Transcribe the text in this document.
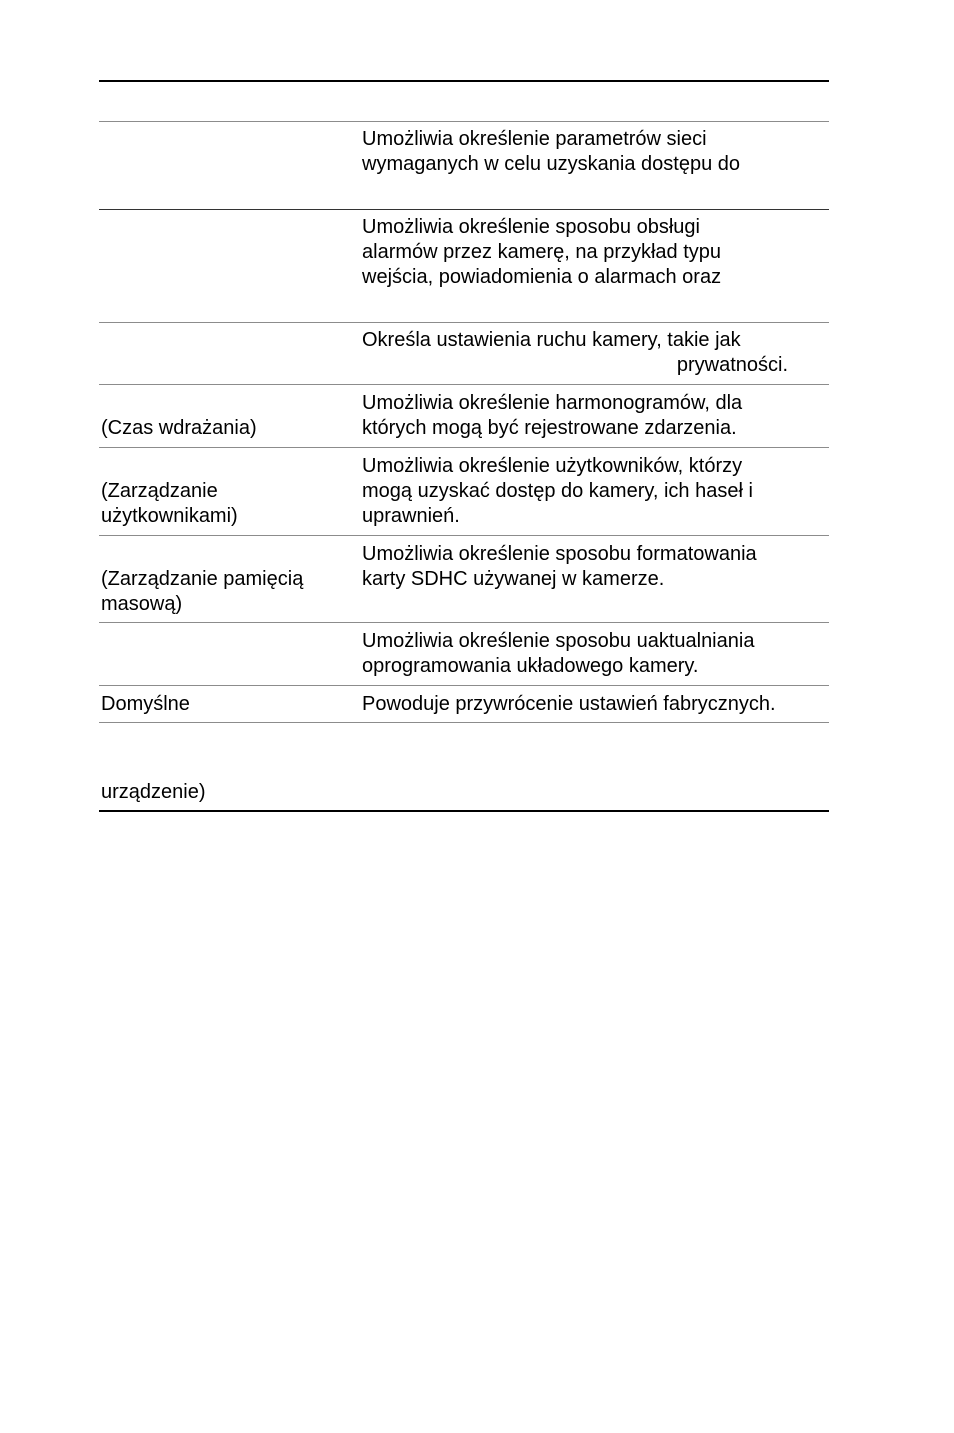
Umożliwia określenie parametrów sieci

wymaganych w celu uzyskania dostępu do

Umożliwia określenie sposobu obsługi

alarmów przez kamerę, na przykład typu

wejścia, powiadomienia o alarmach oraz

Określa ustawienia ruchu kamery, takie jak

prywatności.

(Czas wdrażania)

Umożliwia określenie harmonogramów, dla

których mogą być rejestrowane zdarzenia.

(Zarządzanie

użytkownikami)

Umożliwia określenie użytkowników, którzy

mogą uzyskać dostęp do kamery, ich haseł i

uprawnień.

(Zarządzanie pamięcią

masową)

Umożliwia określenie sposobu formatowania

karty SDHC używanej w kamerze.

Umożliwia określenie sposobu uaktualniania

oprogramowania układowego kamery.

Domyślne	Powoduje przywrócenie ustawień fabrycznych.

urządzenie)
